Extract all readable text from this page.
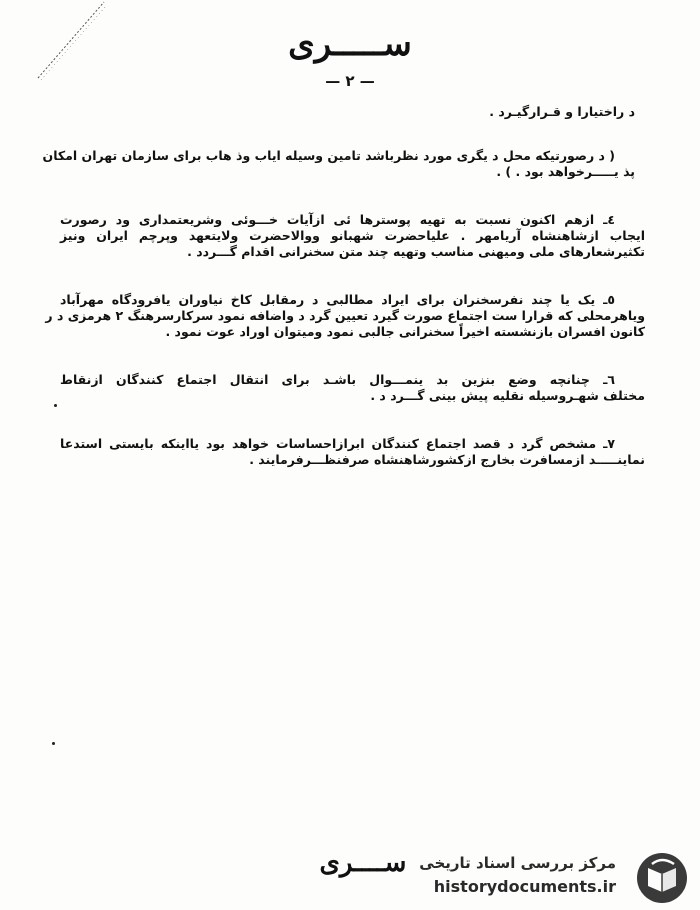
ســـــری
— ۲ —
د راختیارا و قـرارگیـرد .
( د رصورتیکه محل د یگری مورد نظرباشد تامین وسیله ایاب وذ هاب برای سازمان تهران امکان
پذ یـــــرخواهد بود . ) .
٤ـ ازهم اکنون نسبت به تهیه پوسترها ئی ازآیات خـــوئی وشریعتمداری ود رصورت
ایجاب ازشاهنشاه آریامهر . علیاحضرت شهبانو ووالاحضرت ولایتعهد وپرچم ایران ونیز
تکثیرشعارهای ملی ومیهنی مناسب وتهیه چند متن سخنرانی اقدام گـــردد .
٥ـ یک یا چند نفرسخنران برای ایراد مطالبی د رمقابل کاخ نیاوران یافرودگاه مهرآباد
ویاهرمحلی که قرارا ست اجتماع صورت گیرد تعیین گرد د واضافه نمود سرکارسرهنگ ۲ هرمزی د ر
کانون افسران بازنشسته اخیراً سخنرانی جالبی نمود ومیتوان اوراد عوت نمود .
٦ـ چنانچه وضع بنزین بد ینمـــوال باشـد برای انتقال اجتماع کنندگان ازنقاط
مختلف شهـروسیله نقلیه پیش بینی گـــرد د .
٧ـ مشخص گرد د قصد اجتماع کنندگان ابرازاحساسات خواهد بود یااینکه بایستی استدعا
نماینـــــد ازمسافرت بخارج ازکشورشاهنشاه صرفنظـــرفرمایند .
ســــری مرکز بررسی اسناد تاریخی
historydocuments.ir
